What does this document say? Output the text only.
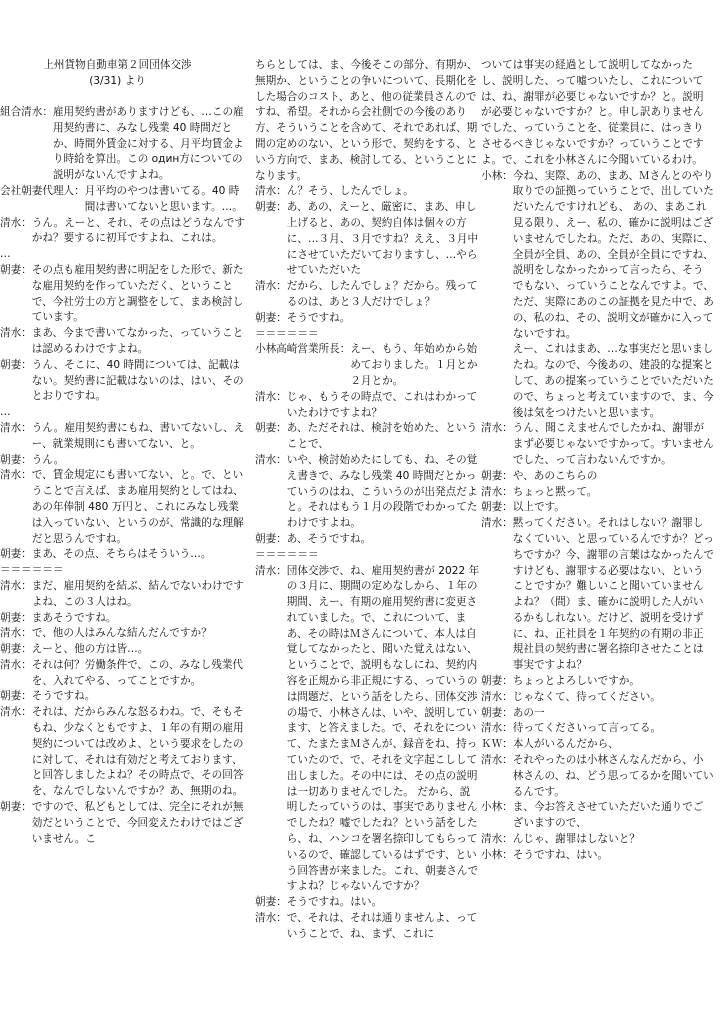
上州貨物自動車第２回団体交渉
(3/31) より
組合清水： 雇用契約書がありますけども、…この雇用契約書に、みなし残業 40 時間だとか、時間外賃金に対する、月平均賃金より時給を算出。この один方についての説明がないんですよね。
会社朝妻代理人： 月平均のやつは書いてる。40 時間は書いてないと思います。…。
清水： うん。えーと、それ、その点はどうなんですかね？要するに初耳ですよね、これは。
…
朝妻： その点も雇用契約書に明記をした形で、新たな雇用契約を作っていただく、ということで、今社労士の方と調整をして、まあ検討しています。
清水： まあ、今まで書いてなかった、っていうことは認めるわけですよね。
朝妻： うん、そこに、40 時間については、記載はない。契約書に記載はないのは、はい、そのとおりですね。
…
清水： うん。雇用契約書にもね、書いてないし、えー、就業規則にも書いてない、と。
朝妻： うん。
清水： で、賃金規定にも書いてない、と。で、ということで言えば、まあ雇用契約としてはね、あの年俸制 480 万円と、これにみなし残業は入っていない、というのが、常識的な理解だと思うんですね。
朝妻： まあ、その点、そちらはそういう…。
＝＝＝＝＝＝
清水： まだ、雇用契約を結ぶ、結んでないわけですよね、この３人はね。
朝妻： まあそうですね。
清水： で、他の人はみんな結んだんですか？
朝妻： えーと、他の方は皆…。
清水： それは何？労働条件で、この、みなし残業代を、入れてやる、ってことですか。
朝妻： そうですね。
清水： それは、だからみんな怒るわね。で、そもそもね、少なくともですよ、１年の有期の雇用契約については改めよ、という要求をしたのに対して、それは有効だと考えております、と回答しましたよね？その時点で、その回答を、なんでしないんですか？あ、無期のね。
朝妻： ですので、私どもとしては、完全にそれが無効だということで、今回変えたわけではございません。こ
ちらとしては、ま、今後そこの部分、有期か、無期か、ということの争いについて、長期化をした場合のコスト、あと、他の従業員さんのですね、希望。それから会社側での今後のあり方、そういうことを含めて、それであれば、期間の定めのない、という形で、契約をする、という方向で、まあ、検討してる、ということになります。
清水： ん？そう、したんでしょ。
朝妻： あ、あの、えーと、厳密に、まあ、申し上げると、あの、契約自体は個々の方に、…３月、３月ですね？ええ、３月中にさせていただいておりますし、…やらせていただいた
清水： だから、したんでしょ？だから。残ってるのは、あと３人だけでしょ？
朝妻： そうですね。
＝＝＝＝＝＝
小林高崎営業所長： えー、もう、年始めから始めておりました。１月とか２月とか。
清水： じゃ、もうその時点で、これはわかっていたわけですよね？
朝妻： あ、ただそれは、検討を始めた、ということで、
清水： いや、検討始めたにしても、ね、その覚え書きで、みなし残業 40 時間だとかっていうのはね、こういうのが出発点だよと。それはもう１月の段階でわかってたわけですよね。
朝妻： あ、そうですね。
＝＝＝＝＝＝
清水： 団体交渉で、ね、雇用契約書が 2022 年の３月に、期間の定めなしから、１年の期間、えー、有期の雇用契約書に変更されていました。で、これについて、まあ、その時はＭさんについて、本人は自覚してなかったと、聞いた覚えはない、ということで、説明もなしにね、契約内容を正規から非正規にする、っていうのは問題だ、という話をしたら、団体交渉の場で、小林さんは、いや、説明しています、と答えました。で、それをについて、たまたまＭさんが、録音をね、持っていたので、で、それを文字起こしして出しました。その中には、その点の説明は一切ありませんでした。 だから、説明したっていうのは、事実でありませんでしたね？嘘でしたね？という話をしたら、ね、ハンコを署名捺印してもらっているので、確認しているはずです、という回答書が来ました。これ、朝妻さんですよね？じゃないんですか？
朝妻： そうですね。はい。
清水： で、それは、それは通りませんよ、っていうことで、ね、まず、これに
ついては事実の経過として説明してなかったし、説明した、って嘘ついたし、これについては、ね、謝罪が必要じゃないですか？と。説明が必要じゃないですか？と。申し訳ありませんでした、っていうことを、従業員に、はっきりさせるべきじゃないですか？っていうことですよ。で、これを小林さんに今聞いているわけ。
小林： 今ね、実際、あの、まあ、Ｍさんとのやり取りでの証拠っていうことで、出していただいたんですけれども、 あの、まあこれ見る限り、えー、私の、確かに説明はございませんでしたね。ただ、あの、実際に、全員が全員、あの、全員が全員にですね、説明をしなかったかって言ったら、そうでもない、っていうことなんですよ。で、ただ、実際にあのこの証拠を見た中で、あの、私のね、その、説明文が確かに入ってないですね。

えー、これはまあ、…な事実だと思いましたね。なので、今後あの、建設的な提案として、あの提案っていうことでいただいたので、ちょっと考えていますので、ま、今後は気をつけたいと思います。
清水： うん、聞こえませんでしたかね、謝罪がまず必要じゃないですかって。すいませんでした、って言わないんですか。
朝妻： や、あのこちらの
清水： ちょっと黙って。
朝妻： 以上です。
清水： 黙ってください。それはしない？謝罪しなくていい、と思っているんですか？どっちですか？今、謝罪の言葉はなかったんですけども、謝罪する必要はない、ということですか？難しいこと聞いていませんよね？（間）ま、確かに説明した人がいるかもしれない。だけど、説明を受けずに、ね、正社員を１年契約の有期の非正規社員の契約書に署名捺印させたことは事実ですよね？
朝妻： ちょっとよろしいですか。
清水： じゃなくて、待ってください。
朝妻： あの一
清水： 待ってくださいって言ってる。
ＫＷ： 本人がいるんだから、
清水： それやったのは小林さんなんだから、小林さんの、ね、どう思ってるかを聞いているんです。
小林： ま、今お答えさせていただいた通りでございますので、
清水： んじゃ、謝罪はしないと？
小林： そうですね、はい。
